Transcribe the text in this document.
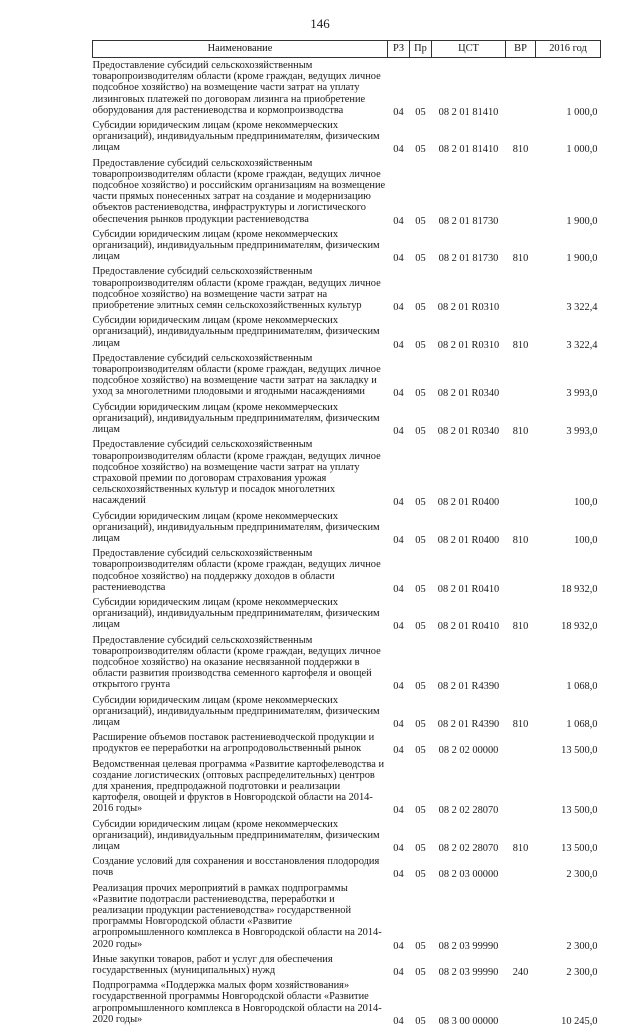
146
Наименование	РЗ	Пр	ЦСТ	ВР	2016 год
Предоставление субсидий сельскохозяйственным товаропроизводителям области (кроме граждан, ведущих личное подсобное хозяйство) на возмещение части затрат на уплату лизинговых платежей по договорам лизинга на приобретение оборудования для растениеводства и кормопроизводства	04	05	08 2 01 81410		1 000,0
Субсидии юридическим лицам (кроме некоммерческих организаций), индивидуальным предпринимателям, физическим лицам	04	05	08 2 01 81410	810	1 000,0
Предоставление субсидий сельскохозяйственным товаропроизводителям области (кроме граждан, ведущих личное подсобное хозяйство) и российским организациям на возмещение части прямых понесенных затрат на создание и модернизацию объектов растениеводства, инфраструктуры и логистического обеспечения рынков продукции растениеводства	04	05	08 2 01 81730		1 900,0
Субсидии юридическим лицам (кроме некоммерческих организаций), индивидуальным предпринимателям, физическим лицам	04	05	08 2 01 81730	810	1 900,0
Предоставление субсидий сельскохозяйственным товаропроизводителям области (кроме граждан, ведущих личное подсобное хозяйство) на возмещение части затрат на приобретение элитных семян сельскохозяйственных культур	04	05	08 2 01 R0310		3 322,4
Субсидии юридическим лицам (кроме некоммерческих организаций), индивидуальным предпринимателям, физическим лицам	04	05	08 2 01 R0310	810	3 322,4
Предоставление субсидий сельскохозяйственным товаропроизводителям области (кроме граждан, ведущих личное подсобное хозяйство) на возмещение части затрат на закладку и уход за многолетними плодовыми и ягодными насаждениями	04	05	08 2 01 R0340		3 993,0
Субсидии юридическим лицам (кроме некоммерческих организаций), индивидуальным предпринимателям, физическим лицам	04	05	08 2 01 R0340	810	3 993,0
Предоставление субсидий сельскохозяйственным товаропроизводителям области (кроме граждан, ведущих личное подсобное хозяйство) на возмещение части затрат на уплату страховой премии по договорам страхования урожая сельскохозяйственных культур и посадок многолетних насаждений	04	05	08 2 01 R0400		100,0
Субсидии юридическим лицам (кроме некоммерческих организаций), индивидуальным предпринимателям, физическим лицам	04	05	08 2 01 R0400	810	100,0
Предоставление субсидий сельскохозяйственным товаропроизводителям области (кроме граждан, ведущих личное подсобное хозяйство) на поддержку доходов в области растениеводства	04	05	08 2 01 R0410		18 932,0
Субсидии юридическим лицам (кроме некоммерческих организаций), индивидуальным предпринимателям, физическим лицам	04	05	08 2 01 R0410	810	18 932,0
Предоставление субсидий сельскохозяйственным товаропроизводителям области (кроме граждан, ведущих личное подсобное хозяйство) на оказание несвязанной поддержки в области развития производства семенного картофеля и овощей открытого грунта	04	05	08 2 01 R4390		1 068,0
Субсидии юридическим лицам (кроме некоммерческих организаций), индивидуальным предпринимателям, физическим лицам	04	05	08 2 01 R4390	810	1 068,0
Расширение объемов поставок растениеводческой продукции и продуктов ее переработки на агропродовольственный рынок	04	05	08 2 02 00000		13 500,0
Ведомственная целевая программа «Развитие картофелеводства и создание логистических (оптовых распределительных) центров для хранения, предпродажной подготовки и реализации картофеля, овощей и фруктов в Новгородской области на 2014-2016 годы»	04	05	08 2 02 28070		13 500,0
Субсидии юридическим лицам (кроме некоммерческих организаций), индивидуальным предпринимателям, физическим лицам	04	05	08 2 02 28070	810	13 500,0
Создание условий для сохранения и восстановления плодородия почв	04	05	08 2 03 00000		2 300,0
Реализация прочих мероприятий в рамках подпрограммы «Развитие подотрасли растениеводства, переработки и реализации продукции растениеводства» государственной программы Новгородской области «Развитие агропромышленного комплекса в Новгородской области на 2014-2020 годы»	04	05	08 2 03 99990		2 300,0
Иные закупки товаров, работ и услуг для обеспечения государственных (муниципальных) нужд	04	05	08 2 03 99990	240	2 300,0
Подпрограмма «Поддержка малых форм хозяйствования» государственной программы Новгородской области «Развитие агропромышленного комплекса в Новгородской области на 2014-2020 годы»	04	05	08 3 00 00000		10 245,0
